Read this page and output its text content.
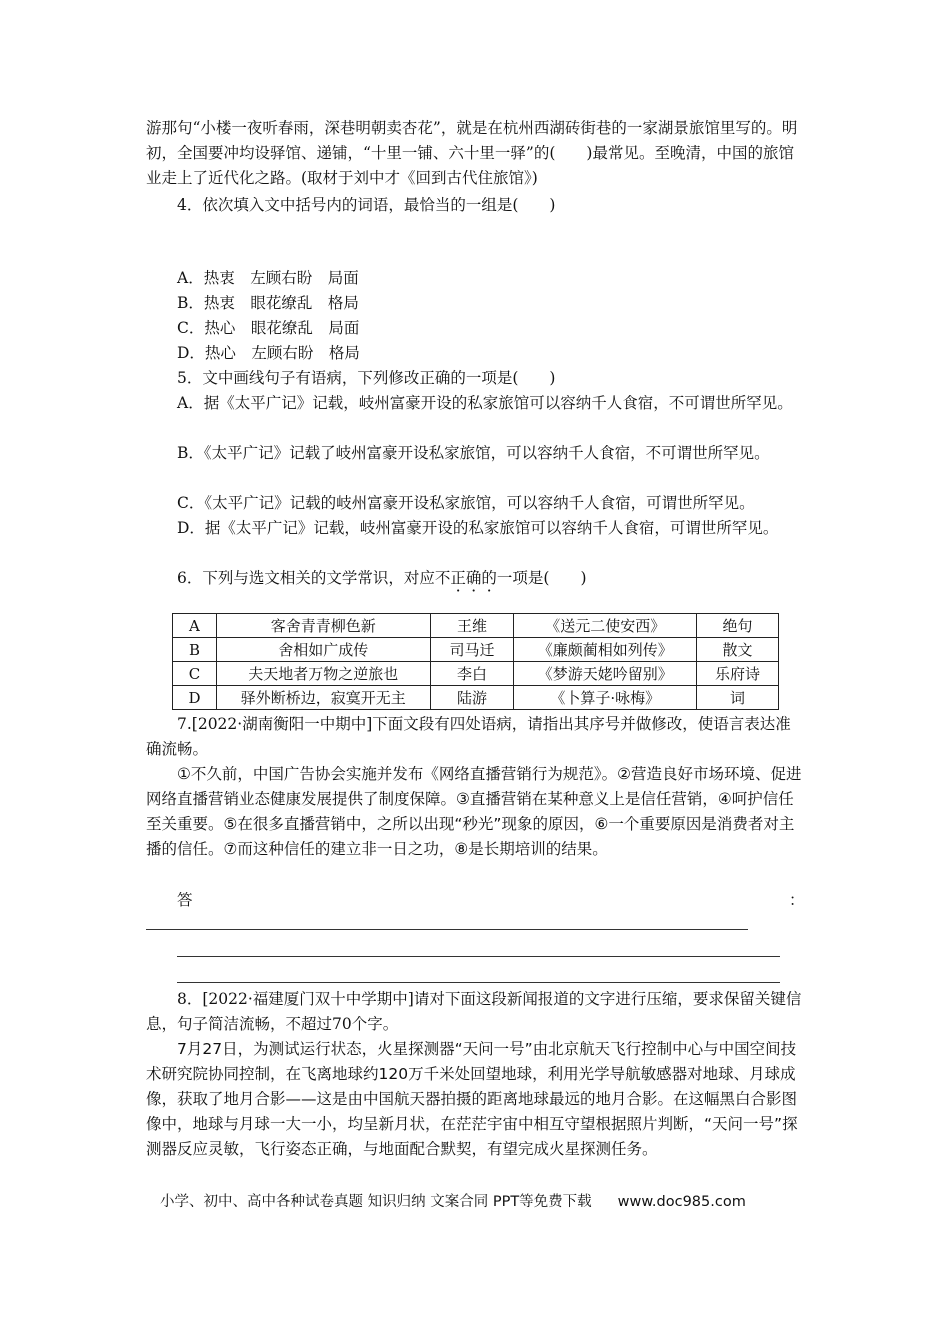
游那句“小楼一夜听春雨，深巷明朝卖杏花”，就是在杭州西湖砖街巷的一家湖景旅馆里写的。明初，全国要冲均设驿馆、递铺，“十里一铺、六十里一驿”的(　　)最常见。至晚清，中国的旅馆业走上了近代化之路。(取材于刘中才《回到古代住旅馆》)

4．依次填入文中括号内的词语，最恰当的一组是(　　)

A．热衷　左顾右盼　局面
B．热衷　眼花缭乱　格局
C．热心　眼花缭乱　局面
D．热心　左顾右盼　格局

5．文中画线句子有语病，下列修改正确的一项是(　　)

A．据《太平广记》记载，岐州富豪开设的私家旅馆可以容纳千人食宿，不可谓世所罕见。

B．《太平广记》记载了岐州富豪开设私家旅馆，可以容纳千人食宿，不可谓世所罕见。

C．《太平广记》记载的岐州富豪开设私家旅馆，可以容纳千人食宿，可谓世所罕见。

D．据《太平广记》记载，岐州富豪开设的私家旅馆可以容纳千人食宿，可谓世所罕见。

6．下列与选文相关的文学常识，对应不正确的一项是(　　)

A	客舍青青柳色新	王维	《送元二使安西》	绝句
B	舍相如广成传	司马迁	《廉颇蔺相如列传》	散文
C	夫天地者万物之逆旅也	李白	《梦游天姥吟留别》	乐府诗
D	驿外断桥边，寂寞开无主	陆游	《卜算子·咏梅》	词

7.[2022·湖南衡阳一中期中]下面文段有四处语病，请指出其序号并做修改，使语言表达准确流畅。

①不久前，中国广告协会实施并发布《网络直播营销行为规范》。②营造良好市场环境、促进网络直播营销业态健康发展提供了制度保障。③直播营销在某种意义上是信任营销，④呵护信任至关重要。⑤在很多直播营销中，之所以出现“秒光”现象的原因，⑥一个重要原因是消费者对主播的信任。⑦而这种信任的建立非一日之功，⑧是长期培训的结果。

答	：

8．[2022·福建厦门双十中学期中]请对下面这段新闻报道的文字进行压缩，要求保留关键信息，句子简洁流畅，不超过70个字。

7月27日，为测试运行状态，火星探测器“天问一号”由北京航天飞行控制中心与中国空间技术研究院协同控制，在飞离地球约120万千米处回望地球，利用光学导航敏感器对地球、月球成像，获取了地月合影——这是由中国航天器拍摄的距离地球最远的地月合影。在这幅黑白合影图像中，地球与月球一大一小，均呈新月状，在茫茫宇宙中相互守望根据照片判断，“天问一号”探测器反应灵敏，飞行姿态正确，与地面配合默契，有望完成火星探测任务。

小学、初中、高中各种试卷真题 知识归纳 文案合同 PPT等免费下载 www.doc985.com
